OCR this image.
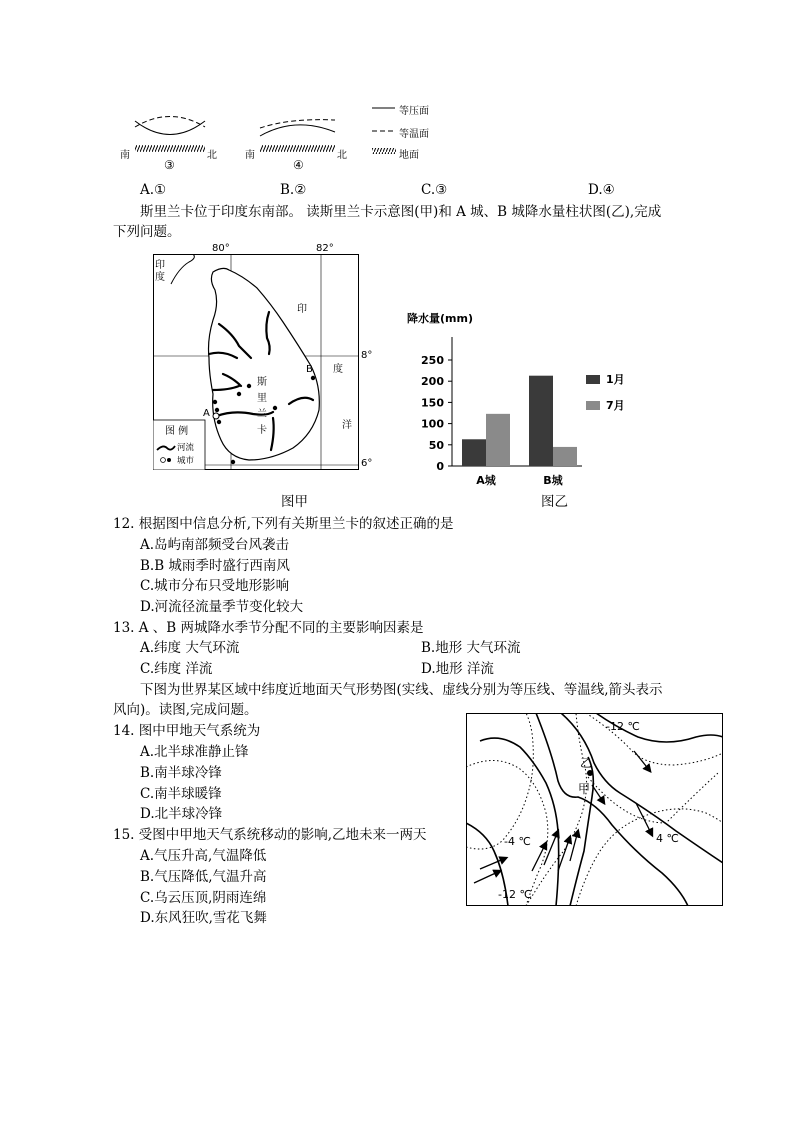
南	北	南	北
③	④
等压面
等温面
地面
A.①	B.②	C.③	D.④
斯里兰卡位于印度东南部。 读斯里兰卡示意图(甲)和 A 城、B 城降水量柱状图(乙),完成
下列问题。
80°	82°
印
度
印
度
洋
斯
里
兰
卡
B
A
8°
6°
图 例
河流
城市
图甲
降水量(mm)
0
50
100
150
200
250
A城	B城
1月
7月
图乙
12. 根据图中信息分析,下列有关斯里兰卡的叙述正确的是
A.岛屿南部频受台风袭击
B.B 城雨季时盛行西南风
C.城市分布只受地形影响
D.河流径流量季节变化较大
13. A 、B 两城降水季节分配不同的主要影响因素是
A.纬度 大气环流	B.地形 大气环流
C.纬度 洋流	D.地形 洋流
下图为世界某区域中纬度近地面天气形势图(实线、虚线分别为等压线、等温线,箭头表示
风向)。读图,完成问题。
14. 图中甲地天气系统为
A.北半球准静止锋
B.南半球冷锋
C.南半球暖锋
D.北半球冷锋
15. 受图中甲地天气系统移动的影响,乙地未来一两天
A.气压升高,气温降低
B.气压降低,气温升高
C.乌云压顶,阴雨连绵
D.东风狂吹,雪花飞舞
-12 ℃
4 ℃
-4 ℃
-12 ℃
乙
甲
